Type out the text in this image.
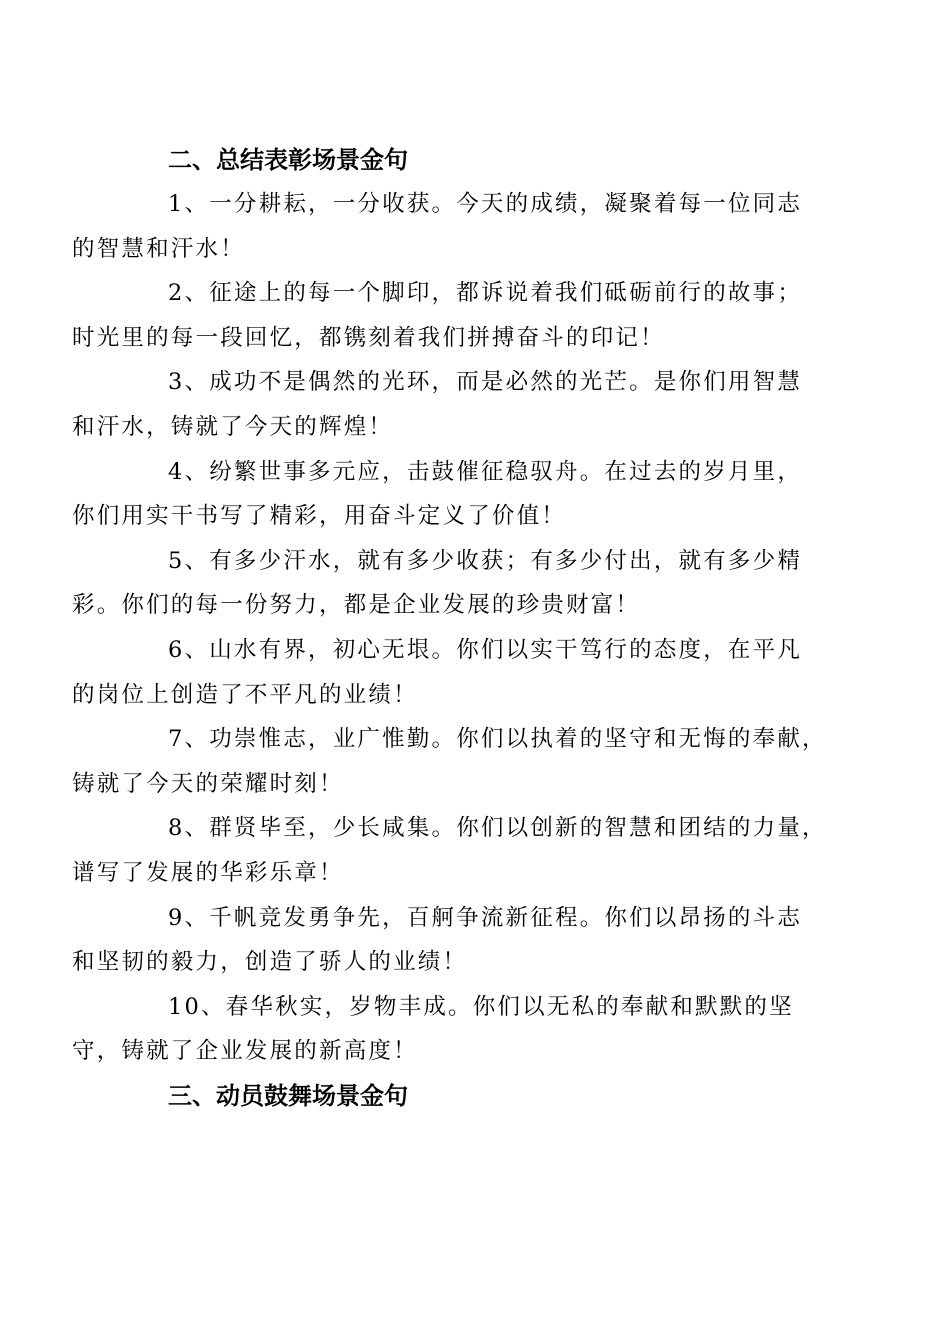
二、总结表彰场景金句

1、一分耕耘，一分收获。今天的成绩，凝聚着每一位同志
的智慧和汗水！

2、征途上的每一个脚印，都诉说着我们砥砺前行的故事；
时光里的每一段回忆，都镌刻着我们拼搏奋斗的印记！

3、成功不是偶然的光环，而是必然的光芒。是你们用智慧
和汗水，铸就了今天的辉煌！

4、纷繁世事多元应，击鼓催征稳驭舟。在过去的岁月里，
你们用实干书写了精彩，用奋斗定义了价值！

5、有多少汗水，就有多少收获；有多少付出，就有多少精
彩。你们的每一份努力，都是企业发展的珍贵财富！

6、山水有界，初心无垠。你们以实干笃行的态度，在平凡
的岗位上创造了不平凡的业绩！

7、功崇惟志，业广惟勤。你们以执着的坚守和无悔的奉献，
铸就了今天的荣耀时刻！

8、群贤毕至，少长咸集。你们以创新的智慧和团结的力量，
谱写了发展的华彩乐章！

9、千帆竞发勇争先，百舸争流新征程。你们以昂扬的斗志
和坚韧的毅力，创造了骄人的业绩！

10、春华秋实，岁物丰成。你们以无私的奉献和默默的坚
守，铸就了企业发展的新高度！

三、动员鼓舞场景金句
